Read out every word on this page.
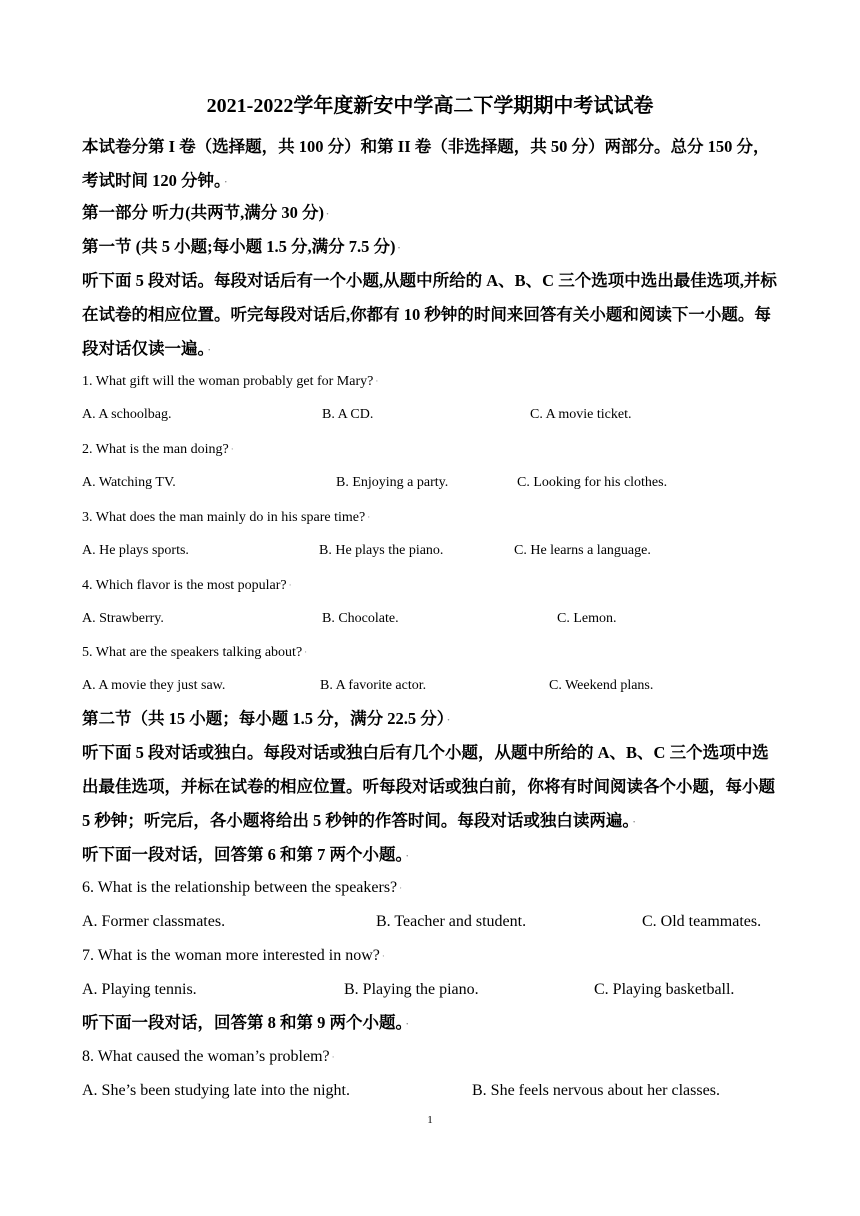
2021-2022学年度新安中学高二下学期期中考试试卷

本试卷分第 I 卷（选择题，共 100 分）和第 II 卷（非选择题，共 50 分）两部分。总分 150 分，考试时间 120 分钟。 ·

第一部分 听力(共两节,满分 30 分) ·

第一节 (共 5 小题;每小题 1.5 分,满分 7.5 分) ·

听下面 5 段对话。每段对话后有一个小题,从题中所给的 A、B、C 三个选项中选出最佳选项,并标在试卷的相应位置。听完每段对话后,你都有 10 秒钟的时间来回答有关小题和阅读下一小题。每段对话仅读一遍。 ·

1. What gift will the woman probably get for Mary? ·

A. A schoolbag.	B. A CD.	C. A movie ticket.

2. What is the man doing? ·

A. Watching TV.	B. Enjoying a party.	C. Looking for his clothes.

3. What does the man mainly do in his spare time? ·

A. He plays sports.	B. He plays the piano.	C. He learns a language.

4. Which flavor is the most popular? ·

A. Strawberry.	B. Chocolate.	C. Lemon.

5. What are the speakers talking about? ·

A. A movie they just saw.	B. A favorite actor.	C. Weekend plans.

第二节（共 15 小题；每小题 1.5 分，满分 22.5 分） ·

听下面 5 段对话或独白。每段对话或独白后有几个小题，从题中所给的 A、B、C 三个选项中选出最佳选项，并标在试卷的相应位置。听每段对话或独白前，你将有时间阅读各个小题，每小题 5 秒钟；听完后，各小题将给出 5 秒钟的作答时间。每段对话或独白读两遍。 ·

听下面一段对话，回答第 6 和第 7 两个小题。 ·

6. What is the relationship between the speakers? ·

A. Former classmates.	B. Teacher and student.	C. Old teammates.

7. What is the woman more interested in now? ·

A. Playing tennis.	B. Playing the piano.	C. Playing basketball.

听下面一段对话，回答第 8 和第 9 两个小题。 ·

8. What caused the woman’s problem? ·

A. She’s been studying late into the night.	B. She feels nervous about her classes.

1
